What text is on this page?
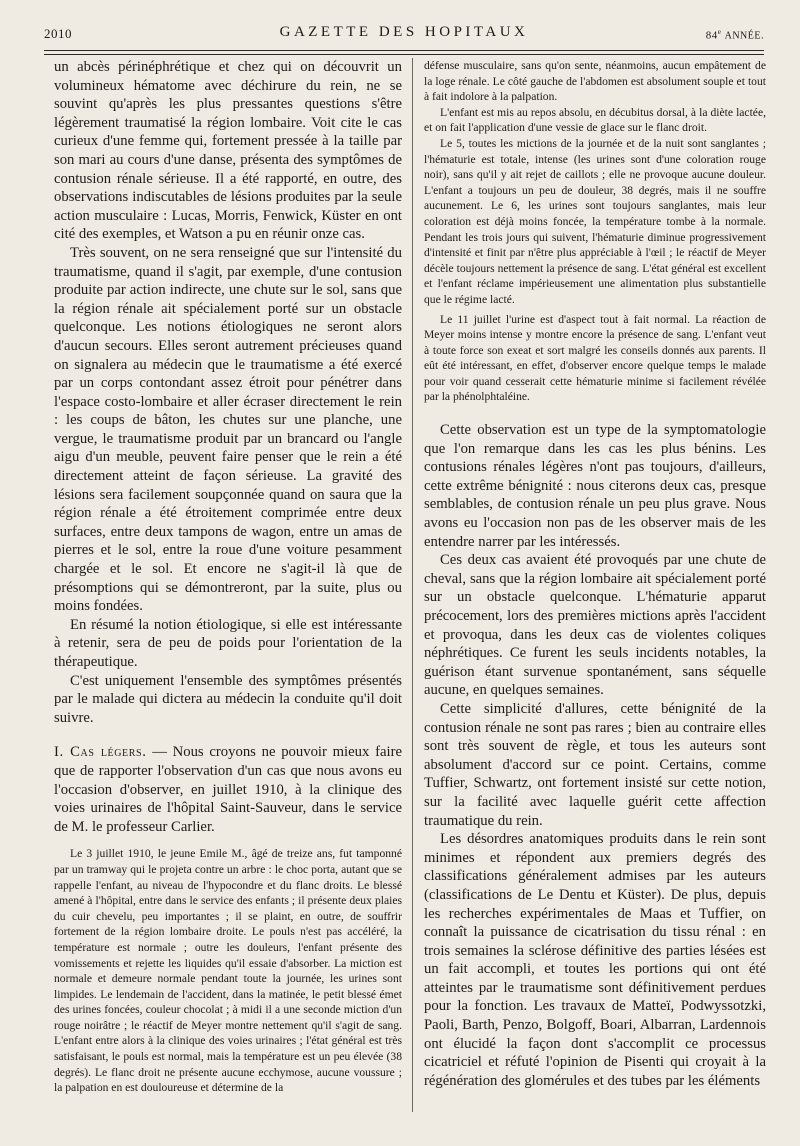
2010	GAZETTE DES HOPITAUX	84e ANNÉE.

un abcès périnéphrétique et chez qui on découvrit un volumineux hématome avec déchirure du rein, ne se souvint qu'après les plus pressantes questions s'être légèrement traumatisé la région lombaire. Voit cite le cas curieux d'une femme qui, fortement pressée à la taille par son mari au cours d'une danse, présenta des symptômes de contusion rénale sérieuse. Il a été rapporté, en outre, des observations indiscutables de lésions produites par la seule action musculaire : Lucas, Morris, Fenwick, Küster en ont cité des exemples, et Watson a pu en réunir onze cas.

Très souvent, on ne sera renseigné que sur l'intensité du traumatisme, quand il s'agit, par exemple, d'une contusion produite par action indirecte, une chute sur le sol, sans que la région rénale ait spécialement porté sur un obstacle quelconque. Les notions étiologiques ne seront alors d'aucun secours. Elles seront autrement précieuses quand on signalera au médecin que le traumatisme a été exercé par un corps contondant assez étroit pour pénétrer dans l'espace costo-lombaire et aller écraser directement le rein : les coups de bâton, les chutes sur une planche, une vergue, le traumatisme produit par un brancard ou l'angle aigu d'un meuble, peuvent faire penser que le rein a été directement atteint de façon sérieuse. La gravité des lésions sera facilement soupçonnée quand on saura que la région rénale a été étroitement comprimée entre deux surfaces, entre deux tampons de wagon, entre un amas de pierres et le sol, entre la roue d'une voiture pesamment chargée et le sol. Et encore ne s'agit-il là que de présomptions qui se démontreront, par la suite, plus ou moins fondées.

En résumé la notion étiologique, si elle est intéressante à retenir, sera de peu de poids pour l'orientation de la thérapeutique.

C'est uniquement l'ensemble des symptômes présentés par le malade qui dictera au médecin la conduite qu'il doit suivre.

I. Cas légers. — Nous croyons ne pouvoir mieux faire que de rapporter l'observation d'un cas que nous avons eu l'occasion d'observer, en juillet 1910, à la clinique des voies urinaires de l'hôpital Saint-Sauveur, dans le service de M. le professeur Carlier.

Le 3 juillet 1910, le jeune Emile M., âgé de treize ans, fut tamponné par un tramway qui le projeta contre un arbre : le choc porta, autant que se rappelle l'enfant, au niveau de l'hypocondre et du flanc droits. Le blessé amené à l'hôpital, entre dans le service des enfants ; il présente deux plaies du cuir chevelu, peu importantes ; il se plaint, en outre, de souffrir fortement de la région lombaire droite. Le pouls n'est pas accéléré, la température est normale ; outre les douleurs, l'enfant présente des vomissements et rejette les liquides qu'il essaie d'absorber. La miction est normale et demeure normale pendant toute la journée, les urines sont limpides. Le lendemain de l'accident, dans la matinée, le petit blessé émet des urines foncées, couleur chocolat ; à midi il a une seconde miction d'un rouge noirâtre ; le réactif de Meyer montre nettement qu'il s'agit de sang. L'enfant entre alors à la clinique des voies urinaires ; l'état général est très satisfaisant, le pouls est normal, mais la température est un peu élevée (38 degrés). Le flanc droit ne présente aucune ecchymose, aucune voussure ; la palpation en est douloureuse et détermine de la

défense musculaire, sans qu'on sente, néanmoins, aucun empâtement de la loge rénale. Le côté gauche de l'abdomen est absolument souple et tout à fait indolore à la palpation.

L'enfant est mis au repos absolu, en décubitus dorsal, à la diète lactée, et on fait l'application d'une vessie de glace sur le flanc droit.

Le 5, toutes les mictions de la journée et de la nuit sont sanglantes ; l'hématurie est totale, intense (les urines sont d'une coloration rouge noir), sans qu'il y ait rejet de caillots ; elle ne provoque aucune douleur. L'enfant a toujours un peu de douleur, 38 degrés, mais il ne souffre aucunement. Le 6, les urines sont toujours sanglantes, mais leur coloration est déjà moins foncée, la température tombe à la normale. Pendant les trois jours qui suivent, l'hématurie diminue progressivement d'intensité et finit par n'être plus appréciable à l'œil ; le réactif de Meyer décèle toujours nettement la présence de sang. L'état général est excellent et l'enfant réclame impérieusement une alimentation plus substantielle que le régime lacté.

Le 11 juillet l'urine est d'aspect tout à fait normal. La réaction de Meyer moins intense y montre encore la présence de sang. L'enfant veut à toute force son exeat et sort malgré les conseils donnés aux parents. Il eût été intéressant, en effet, d'observer encore quelque temps le malade pour voir quand cesserait cette hématurie minime si facilement révélée par la phénolphtaléine.

Cette observation est un type de la symptomatologie que l'on remarque dans les cas les plus bénins. Les contusions rénales légères n'ont pas toujours, d'ailleurs, cette extrême bénignité : nous citerons deux cas, presque semblables, de contusion rénale un peu plus grave. Nous avons eu l'occasion non pas de les observer mais de les entendre narrer par les intéressés.

Ces deux cas avaient été provoqués par une chute de cheval, sans que la région lombaire ait spécialement porté sur un obstacle quelconque. L'hématurie apparut précocement, lors des premières mictions après l'accident et provoqua, dans les deux cas de violentes coliques néphrétiques. Ce furent les seuls incidents notables, la guérison étant survenue spontanément, sans séquelle aucune, en quelques semaines.

Cette simplicité d'allures, cette bénignité de la contusion rénale ne sont pas rares ; bien au contraire elles sont très souvent de règle, et tous les auteurs sont absolument d'accord sur ce point. Certains, comme Tuffier, Schwartz, ont fortement insisté sur cette notion, sur la facilité avec laquelle guérit cette affection traumatique du rein.

Les désordres anatomiques produits dans le rein sont minimes et répondent aux premiers degrés des classifications généralement admises par les auteurs (classifications de Le Dentu et Küster). De plus, depuis les recherches expérimentales de Maas et Tuffier, on connaît la puissance de cicatrisation du tissu rénal : en trois semaines la sclérose définitive des parties lésées est un fait accompli, et toutes les portions qui ont été atteintes par le traumatisme sont définitivement perdues pour la fonction. Les travaux de Matteï, Podwyssotzki, Paoli, Barth, Penzo, Bolgoff, Boari, Albarran, Lardennois ont élucidé la façon dont s'accomplit ce processus cicatriciel et réfuté l'opinion de Pisenti qui croyait à la régénération des glomérules et des tubes par les éléments
